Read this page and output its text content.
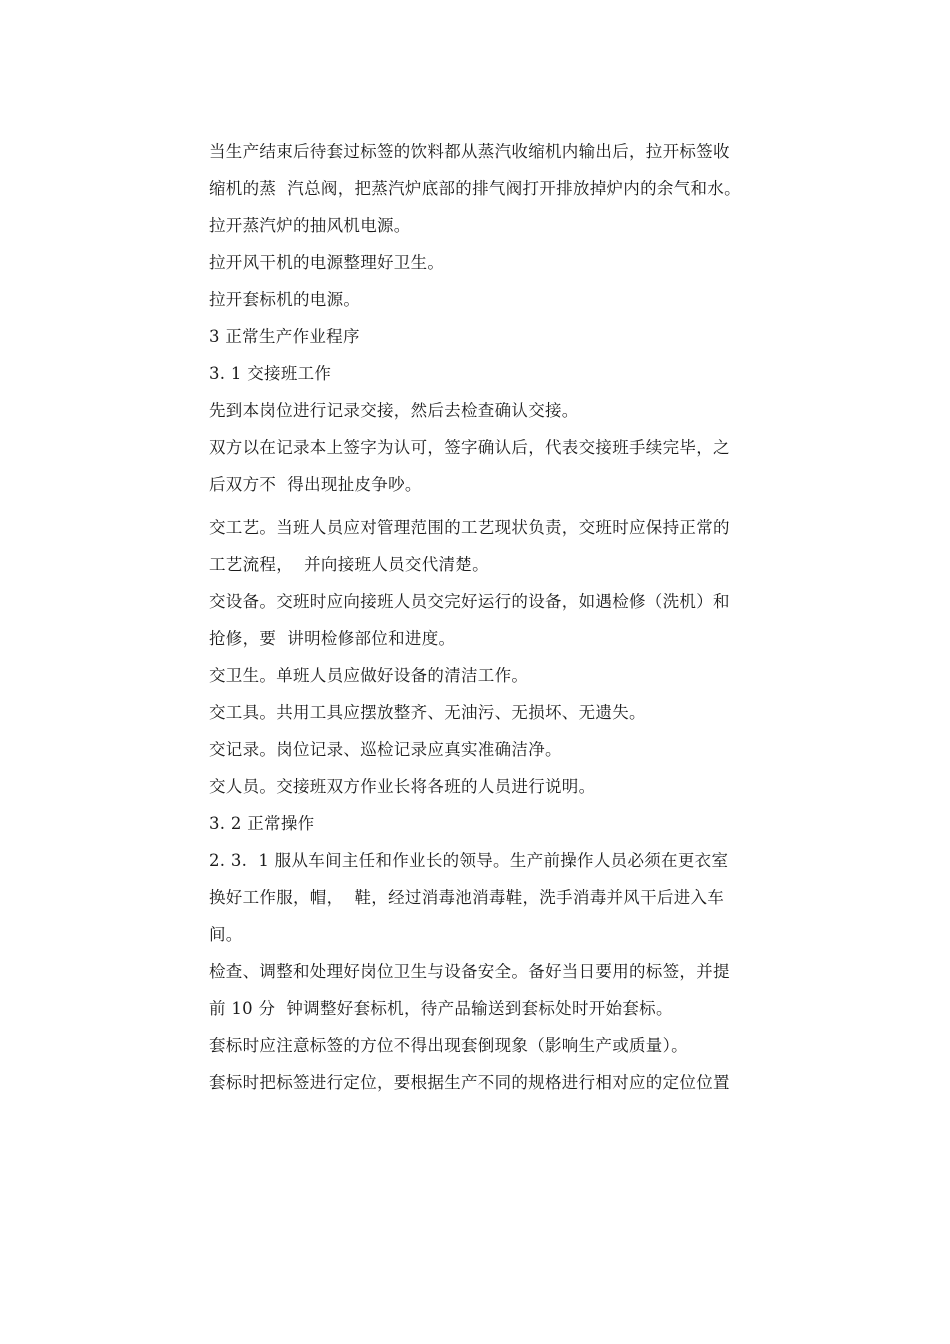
当生产结束后待套过标签的饮料都从蒸汽收缩机内输出后，拉开标签收缩机的蒸  汽总阀，把蒸汽炉底部的排气阀打开排放掉炉内的余气和水。

拉开蒸汽炉的抽风机电源。

拉开风干机的电源整理好卫生。

拉开套标机的电源。

3 正常生产作业程序

3. 1 交接班工作

先到本岗位进行记录交接，然后去检查确认交接。

双方以在记录本上签字为认可，签字确认后，代表交接班手续完毕，之后双方不  得出现扯皮争吵。

交工艺。当班人员应对管理范围的工艺现状负责，交班时应保持正常的工艺流程，  并向接班人员交代清楚。

交设备。交班时应向接班人员交完好运行的设备，如遇检修（洗机）和抢修，要  讲明检修部位和进度。

交卫生。单班人员应做好设备的清洁工作。

交工具。共用工具应摆放整齐、无油污、无损坏、无遗失。

交记录。岗位记录、巡检记录应真实准确洁净。

交人员。交接班双方作业长将各班的人员进行说明。

3. 2 正常操作

2. 3.  1 服从车间主任和作业长的领导。生产前操作人员必须在更衣室换好工作服，帽，  鞋，经过消毒池消毒鞋，洗手消毒并风干后进入车间。

检查、调整和处理好岗位卫生与设备安全。备好当日要用的标签，并提前 10 分  钟调整好套标机，待产品输送到套标处时开始套标。

套标时应注意标签的方位不得出现套倒现象（影响生产或质量）。

套标时把标签进行定位，要根据生产不同的规格进行相对应的定位位置
